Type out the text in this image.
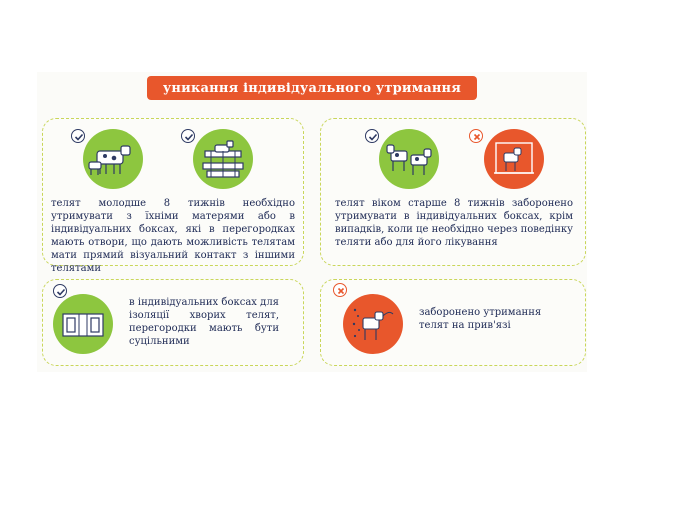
уникання індивідуального утримання
телят молодше 8 тижнів необхідно утримувати з їхніми матерями або в індивідуальних боксах, які в перегородках мають отвори, що дають можливість телятам мати прямий візуальний контакт з іншими телятами
телят віком старше 8 тижнів заборонено утримувати в індивідуальних боксах, крім випадків, коли це необхідно через поведінку теляти або для його лікування
в індивідуальних боксах для ізоляції хворих телят, перегородки мають бути суцільними
заборонено утримання телят на прив'язі
